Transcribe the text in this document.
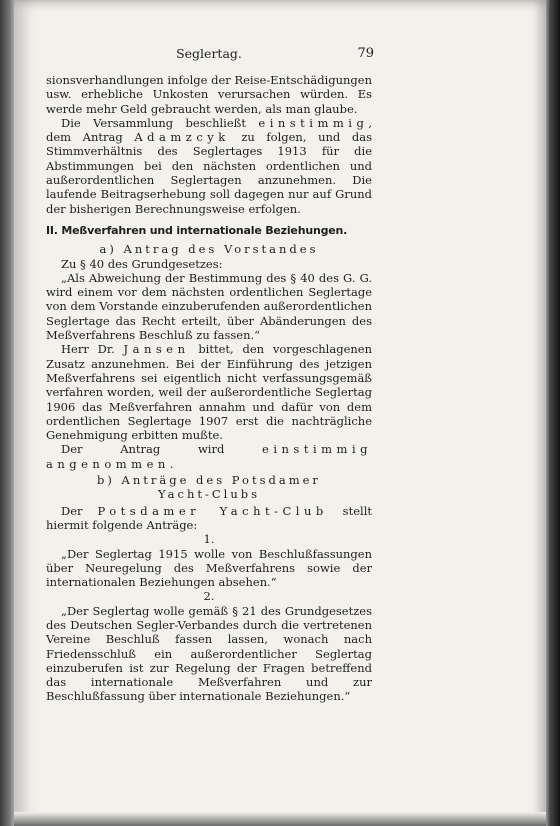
Seglertag.	79

sionsverhandlungen infolge der Reise-Entschädigungen usw. erhebliche Unkosten verursachen würden. Es werde mehr Geld gebraucht werden, als man glaube.

Die Versammlung beschließt einstimmig, dem Antrag Adamzcyk zu folgen, und das Stimmverhältnis des Seglertages 1913 für die Abstimmungen bei den nächsten ordentlichen und außerordentlichen Seglertagen anzunehmen. Die laufende Beitragserhebung soll dagegen nur auf Grund der bisherigen Berechnungsweise erfolgen.

II. Meßverfahren und internationale Beziehungen.

a) Antrag des Vorstandes

Zu § 40 des Grundgesetzes:

„Als Abweichung der Bestimmung des § 40 des G. G. wird einem vor dem nächsten ordentlichen Seglertage von dem Vorstande einzuberufenden außerordentlichen Seglertage das Recht erteilt, über Abänderungen des Meßverfahrens Beschluß zu fassen.“

Herr Dr. Jansen bittet, den vorgeschlagenen Zusatz anzunehmen. Bei der Einführung des jetzigen Meßverfahrens sei eigentlich nicht verfassungsgemäß verfahren worden, weil der außerordentliche Seglertag 1906 das Meßverfahren annahm und dafür von dem ordentlichen Seglertage 1907 erst die nachträgliche Genehmigung erbitten mußte.

Der Antrag wird einstimmig angenommen.

b) Anträge des Potsdamer

Yacht-Clubs

Der Potsdamer Yacht-Club stellt hiermit folgende Anträge:

1.

„Der Seglertag 1915 wolle von Beschlußfassungen über Neuregelung des Meßverfahrens sowie der internationalen Beziehungen absehen.“

2.

„Der Seglertag wolle gemäß § 21 des Grundgesetzes des Deutschen Segler-Verbandes durch die vertretenen Vereine Beschluß fassen lassen, wonach nach Friedensschluß ein außerordentlicher Seglertag einzuberufen ist zur Regelung der Fragen betreffend das internationale Meßverfahren und zur Beschlußfassung über internationale Beziehungen.“
